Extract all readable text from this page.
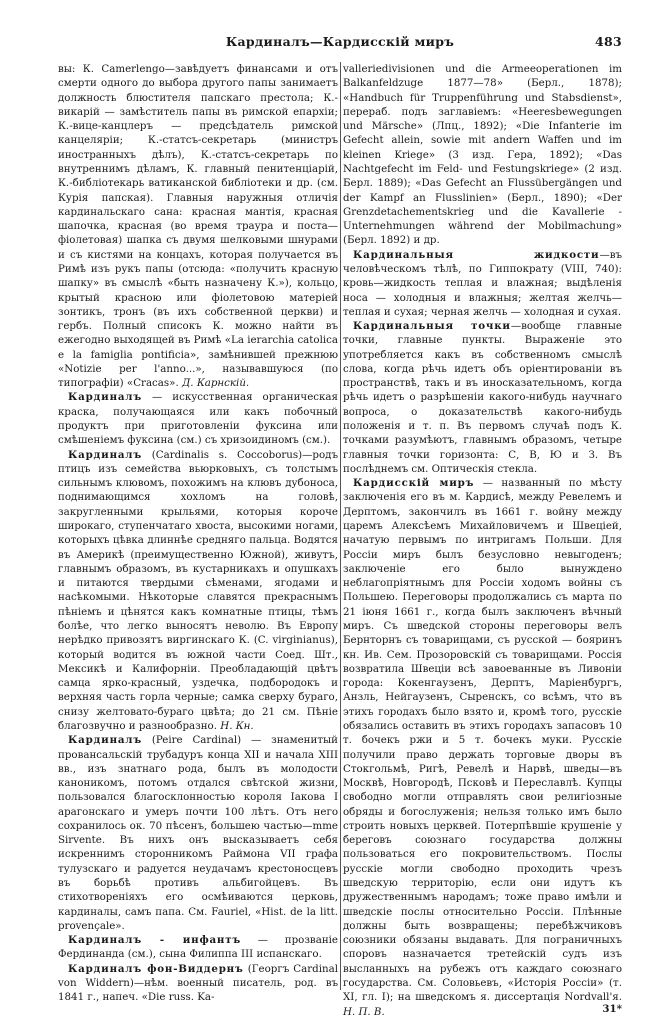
Кардиналъ—Кардисскій миръ	483

вы: К. Camerlengo—завѣдуетъ финансами и отъ смерти одного до выбора другого папы занимаетъ должность блюстителя папскаго престола; К.-викарій — замѣститель папы въ римской епархіи; К.-вице-канцлеръ — предсѣдатель римской канцеляріи; К.-статсъ-секретарь (министръ иностранныхъ дѣлъ), К.-статсъ-секретарь по внутреннимъ дѣламъ, К. главный пенитенціарій, К.-библіотекарь ватиканской библіотеки и др. (см. Курія папская). Главныя наружныя отличія кардинальскаго сана: красная мантія, красная шапочка, красная (во время траура и поста—фіолетовая) шапка съ двумя шелковыми шнурами и съ кистями на концахъ, которая получается въ Римѣ изъ рукъ папы (отсюда: «получить красную шапку» въ смыслѣ «быть назначену К.»), кольцо, крытый красною или фіолетовою матеріей зонтикъ, тронъ (въ ихъ собственной церкви) и гербъ. Полный списокъ К. можно найти въ ежегодно выходящей въ Римѣ «La ierarchia catolica e la famiglia pontificia», замѣнившей прежнюю «Notizie per l'anno...», называвшуюся (по типографіи) «Cracas». Д. Карнскій.

Кардиналъ — искусственная органическая краска, получающаяся или какъ побочный продуктъ при приготовленіи фуксина или смѣшеніемъ фуксина (см.) съ хризоидиномъ (см.).

Кардиналъ (Cardinalis s. Coccoborus)—родъ птицъ изъ семейства вьюрковыхъ, съ толстымъ сильнымъ клювомъ, похожимъ на клювъ дубоноса, поднимающимся хохломъ на головѣ, закругленными крыльями, которыя короче широкаго, ступенчатаго хвоста, высокими ногами, которыхъ цѣвка длиннѣе средняго пальца. Водятся въ Америкѣ (преимущественно Южной), живутъ, главнымъ образомъ, въ кустарникахъ и опушкахъ и питаются твердыми сѣменами, ягодами и насѣкомыми. Нѣкоторые славятся прекраснымъ пѣніемъ и цѣнятся какъ комнатные птицы, тѣмъ болѣе, что легко выносятъ неволю. Въ Европу нерѣдко привозятъ виргинскаго К. (C. virginianus), который водится въ южной части Соед. Шт., Мексикѣ и Калифорніи. Преобладающій цвѣтъ самца ярко-красный, уздечка, подбородокъ и верхняя часть горла черные; самка сверху бураго, снизу желтовато-бураго цвѣта; до 21 см. Пѣніе благозвучно и разнообразно. Н. Кн.

Кардиналъ (Peire Cardinal) — знаменитый провансальскій трубадуръ конца XII и начала XIII вв., изъ знатнаго рода, былъ въ молодости каноникомъ, потомъ отдался свѣтской жизни, пользовался благосклонностью короля Іакова I арагонскаго и умеръ почти 100 лѣтъ. Отъ него сохранилось ок. 70 пѣсенъ, большею частью—mme Sirvente. Въ нихъ онъ высказываетъ себя искреннимъ сторонникомъ Раймона VII графа тулузскаго и радуется неудачамъ крестоносцевъ въ борьбѣ противъ альбигойцевъ. Въ стихотвореніяхъ его осмѣиваются церковь, кардиналы, самъ папа. См. Fauriel, «Hist. de la litt. provençale».

Кардиналъ - инфантъ — прозваніе Фердинанда (см.), сына Филиппа III испанскаго.

Кардиналъ фон-Виддернъ (Георгъ Cardinal von Widdern)—нѣм. военный писатель, род. въ 1841 г., напеч. «Die russ. Ka-

valleriedivisionen und die Armeeoperationen im Balkanfeldzuge 1877—78» (Берл., 1878); «Handbuch für Truppenführung und Stabsdienst», перераб. подъ заглавіемъ: «Heeresbewegungen und Märsche» (Лпц., 1892); «Die Infanterie im Gefecht allein, sowie mit andern Waffen und im kleinen Kriege» (3 изд. Гера, 1892); «Das Nachtgefecht im Feld- und Festungskriege» (2 изд. Берл. 1889); «Das Gefecht an Flussübergängen und der Kampf an Flusslinien» (Берл., 1890); «Der Grenzdetachementskrieg und die Kavallerie - Unternehmungen während der Mobilmachung» (Берл. 1892) и др.

Кардинальныя жидкости—въ человѣческомъ тѣлѣ, по Гиппократу (VIII, 740): кровь—жидкость теплая и влажная; выдѣленія носа — холодныя и влажныя; желтая желчь—теплая и сухая; черная желчь — холодная и сухая.

Кардинальныя точки—вообще главные точки, главные пункты. Выраженіе это употребляется какъ въ собственномъ смыслѣ слова, когда рѣчь идетъ объ оріентированіи въ пространствѣ, такъ и въ иносказательномъ, когда рѣчь идетъ о разрѣшеніи какого-нибудь научнаго вопроса, о доказательствѣ какого-нибудь положенія и т. п. Въ первомъ случаѣ подъ К. точками разумѣютъ, главнымъ образомъ, четыре главныя точки горизонта: С, В, Ю и З. Въ послѣднемъ см. Оптическія стекла.

Кардисскій миръ — названный по мѣсту заключенія его въ м. Кардисѣ, между Ревелемъ и Дерптомъ, закончилъ въ 1661 г. войну между царемъ Алексѣемъ Михайловичемъ и Швеціей, начатую первымъ по интригамъ Польши. Для Россіи миръ былъ безусловно невыгоденъ; заключеніе его было вынуждено неблагопріятнымъ для Россіи ходомъ войны съ Польшею. Переговоры продолжались съ марта по 21 іюня 1661 г., когда былъ заключенъ вѣчный миръ. Съ шведской стороны переговоры велъ Бернторнъ съ товарищами, съ русской — бояринъ кн. Ив. Сем. Прозоровскій съ товарищами. Россія возвратила Швеціи всѣ завоеванные въ Ливоніи города: Кокенгаузенъ, Дерптъ, Маріенбургъ, Анзль, Нейгаузенъ, Сыренскъ, со всѣмъ, что въ этихъ городахъ было взято и, кромѣ того, русскіе обязались оставить въ этихъ городахъ запасовъ 10 т. бочекъ ржи и 5 т. бочекъ муки. Русскіе получили право держать торговые дворы въ Стокгольмѣ, Ригѣ, Ревелѣ и Нарвѣ, шведы—въ Москвѣ, Новгородѣ, Псковѣ и Переславлѣ. Купцы свободно могли отправлять свои религіозные обряды и богослуженія; нельзя только имъ было строить новыхъ церквей. Потерпѣвшіе крушеніе у береговъ союзнаго государства должны пользоваться его покровительствомъ. Послы русскіе могли свободно проходить чрезъ шведскую территорію, если они идутъ къ дружественнымъ народамъ; тоже право имѣли и шведскіе послы относительно Россіи. Плѣнные должны быть возвращены; перебѣжчиковъ союзники обязаны выдавать. Для пограничныхъ споровъ назначается третейскій судъ изъ высланныхъ на рубежъ отъ каждаго союзнаго государства. См. Соловьевъ, «Исторія Россіи» (т. XI, гл. I); на шведскомъ я. диссертація Nordvall'я. Н. П. В.	31*
